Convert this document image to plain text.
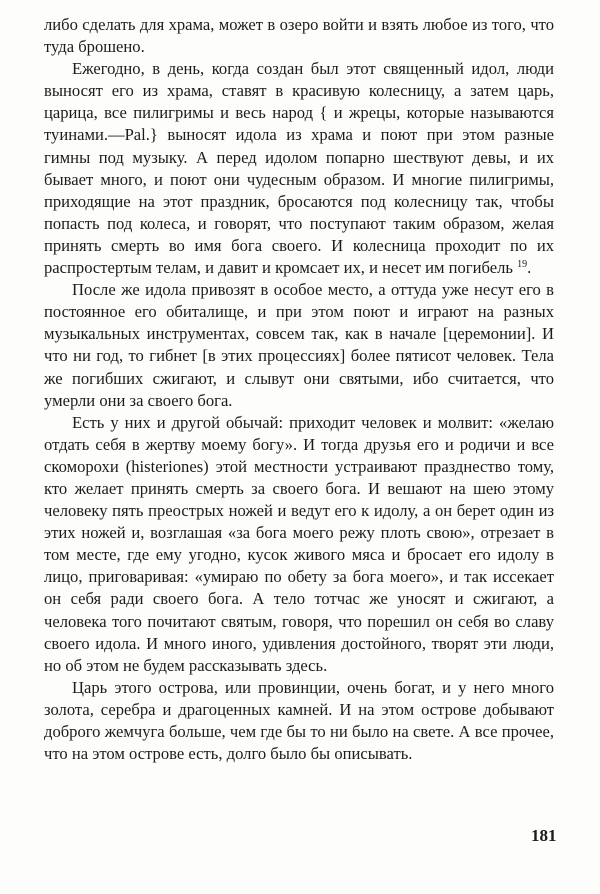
либо сделать для храма, может в озеро войти и взять любое из того, что туда брошено.

Ежегодно, в день, когда создан был этот священный идол, люди выносят его из храма, ставят в красивую колесницу, а затем царь, царица, все пилигримы и весь народ { и жрецы, которые называются туинами.—Pal.} выносят идола из храма и поют при этом разные гимны под музыку. А перед идолом попарно шествуют девы, и их бывает много, и поют они чудесным образом. И многие пилигримы, приходящие на этот праздник, бросаются под колесницу так, чтобы попасть под колеса, и говорят, что поступают таким образом, желая принять смерть во имя бога своего. И колесница проходит по их распростертым телам, и давит и кромсает их, и несет им погибель $^{19}$.

После же идола привозят в особое место, а оттуда уже несут его в постоянное его обиталище, и при этом поют и играют на разных музыкальных инструментах, совсем так, как в начале [церемонии]. И что ни год, то гибнет [в этих процессиях] более пятисот человек. Тела же погибших сжигают, и слывут они святыми, ибо считается, что умерли они за своего бога.

Есть у них и другой обычай: приходит человек и молвит: «желаю отдать себя в жертву моему богу». И тогда друзья его и родичи и все скоморохи (histeriones) этой местности устраивают празднество тому, кто желает принять смерть за своего бога. И вешают на шею этому человеку пять преострых ножей и ведут его к идолу, а он берет один из этих ножей и, возглашая «за бога моего режу плоть свою», отрезает в том месте, где ему угодно, кусок живого мяса и бросает его идолу в лицо, приговаривая: «умираю по обету за бога моего», и так иссекает он себя ради своего бога. А тело тотчас же уносят и сжигают, а человека того почитают святым, говоря, что порешил он себя во славу своего идола. И много иного, удивления достойного, творят эти люди, но об этом не будем рассказывать здесь.

Царь этого острова, или провинции, очень богат, и у него много золота, серебра и драгоценных камней. И на этом острове добывают доброго жемчуга больше, чем где бы то ни было на свете. А все прочее, что на этом острове есть, долго было бы описывать.

181
